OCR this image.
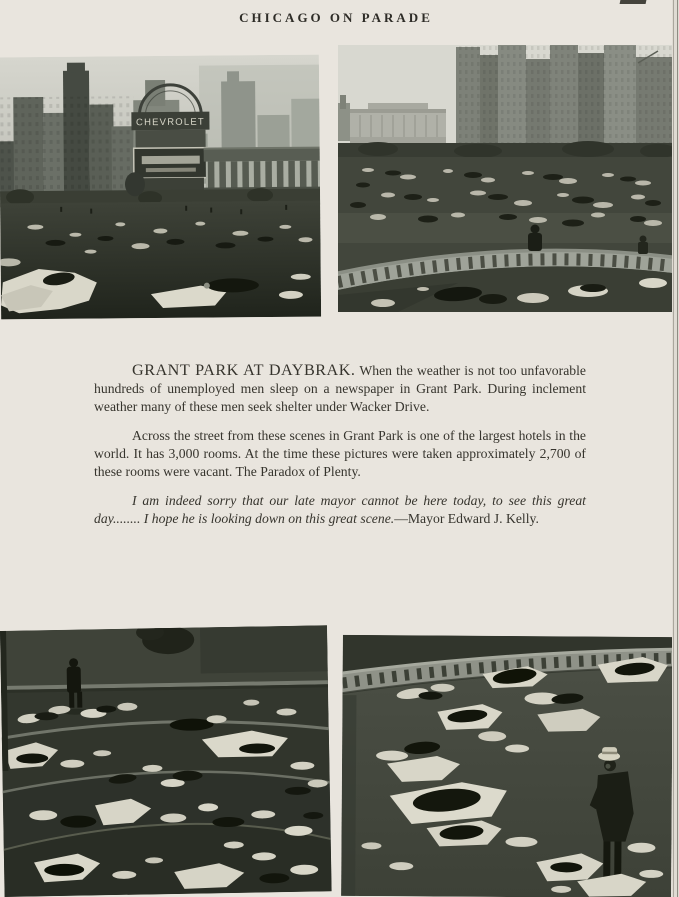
CHICAGO ON PARADE
CHEVROLET

GRANT PARK AT DAYBRAK. When the weather is not too unfavorable hundreds of unemployed men sleep on a newspaper in Grant Park. During inclement weather many of these men seek shelter under Wacker Drive.

Across the street from these scenes in Grant Park is one of the largest hotels in the world. It has 3,000 rooms. At the time these pictures were taken approximately 2,700 of these rooms were vacant. The Paradox of Plenty.

I am indeed sorry that our late mayor cannot be here today, to see this great day........ I hope he is looking down on this great scene.—Mayor Edward J. Kelly.
